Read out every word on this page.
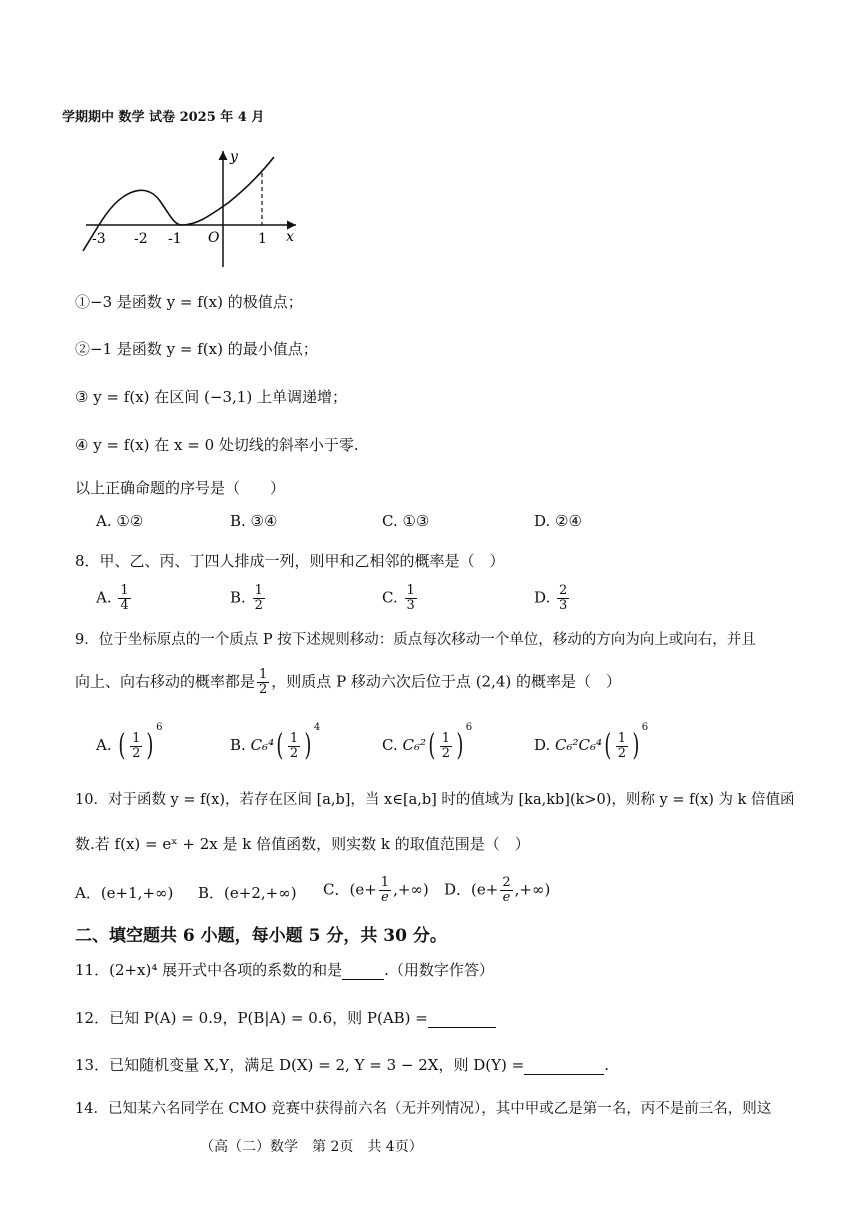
学期期中 数学 试卷 2025 年 4 月
y
x
O
-3 -2 -1	1
①−3 是函数 y = f(x) 的极值点；
②−1 是函数 y = f(x) 的最小值点；
③ y = f(x) 在区间 (−3,1) 上单调递增；
④ y = f(x) 在 x = 0 处切线的斜率小于零.
以上正确命题的序号是（　　）
A. ①②	B. ③④	C. ①③	D. ②④
8．甲、乙、丙、丁四人排成一列，则甲和乙相邻的概率是（　）
A. $\frac{1}{4}$	B. $\frac{1}{2}$	C. $\frac{1}{3}$	D. $\frac{2}{3}$
9．位于坐标原点的一个质点 P 按下述规则移动：质点每次移动一个单位，移动的方向为向上或向右，并且
向上、向右移动的概率都是 $\frac{1}{2}$ ，则质点 P 移动六次后位于点 (2,4) 的概率是（　）
A. ( $\frac{1}{2} )^6$
B. $C_6^4( \frac{1}{2} )^4$
C. $C_6^2( \frac{1}{2} )^6$
D. $C_6^2C_6^4( \frac{1}{2} )^6$
10．对于函数 y = f(x)，若存在区间 [a,b]，当 x∈[a,b] 时的值域为 [ka,kb](k>0)，则称 y = f(x) 为 k 倍值函
数.若 f(x) = eˣ + 2x 是 k 倍值函数，则实数 k 的取值范围是（　）
A．(e+1,+∞) B．(e+2,+∞) C．($e+ \frac{1}{e}$ ,+∞) D．($e+ \frac{2}{e}$ ,+∞)
二、填空题共 6 小题，每小题 5 分，共 30 分。
11．(2+x)⁴ 展开式中各项的系数的和是	.（用数字作答）
12．已知 P(A) = 0.9，P(B|A) = 0.6，则 P(AB) =
13．已知随机变量 X,Y，满足 D(X) = 2, Y = 3 − 2X，则 D(Y) =	.
14．已知某六名同学在 CMO 竞赛中获得前六名（无并列情况），其中甲或乙是第一名，丙不是前三名，则这
（高（二）数学　第 2页　共 4页）
